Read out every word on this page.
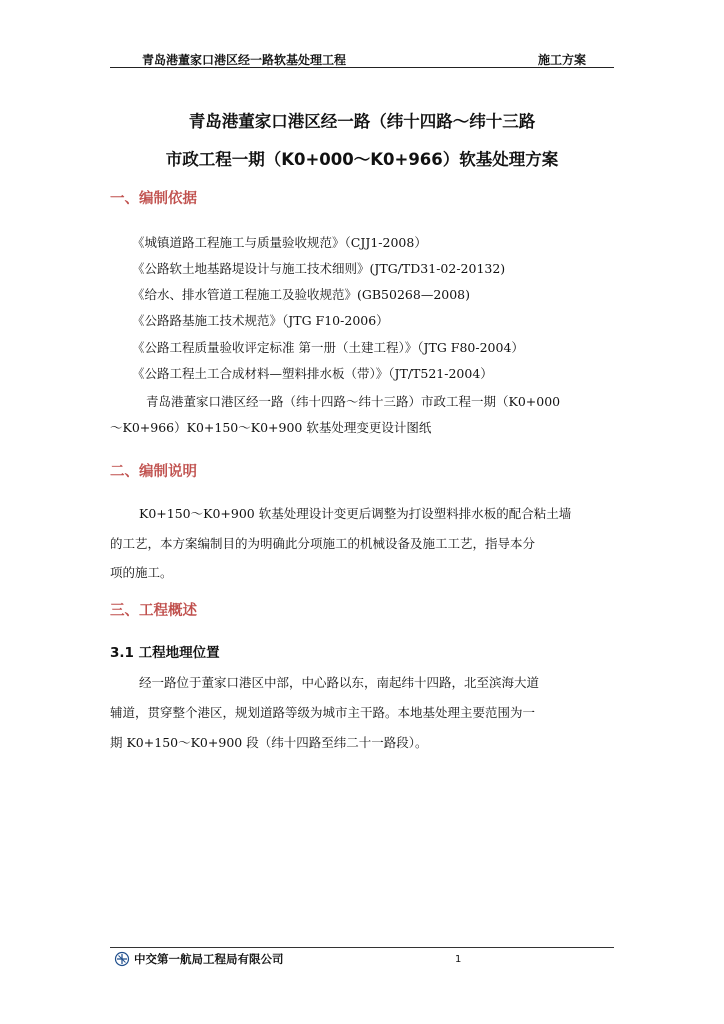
青岛港董家口港区经一路软基处理工程	施工方案
青岛港董家口港区经一路（纬十四路～纬十三路
市政工程一期（K0+000～K0+966）软基处理方案
一、编制依据
《城镇道路工程施工与质量验收规范》（CJJ1-2008）
《公路软土地基路堤设计与施工技术细则》(JTG/TD31-02-20132)
《给水、排水管道工程施工及验收规范》(GB50268—2008)
《公路路基施工技术规范》（JTG F10-2006）
《公路工程质量验收评定标准 第一册（土建工程）》（JTG F80-2004）
《公路工程土工合成材料—塑料排水板（带）》（JT/T521-2004）
青岛港董家口港区经一路（纬十四路～纬十三路）市政工程一期（K0+000
～K0+966）K0+150～K0+900 软基处理变更设计图纸
二、编制说明
K0+150～K0+900 软基处理设计变更后调整为打设塑料排水板的配合粘土墙
的工艺，本方案编制目的为明确此分项施工的机械设备及施工工艺，指导本分
项的施工。
三、工程概述
3.1 工程地理位置
经一路位于董家口港区中部，中心路以东，南起纬十四路，北至滨海大道
辅道，贯穿整个港区，规划道路等级为城市主干路。本地基处理主要范围为一
期 K0+150～K0+900 段（纬十四路至纬二十一路段）。
中交第一航局工程局有限公司	1
